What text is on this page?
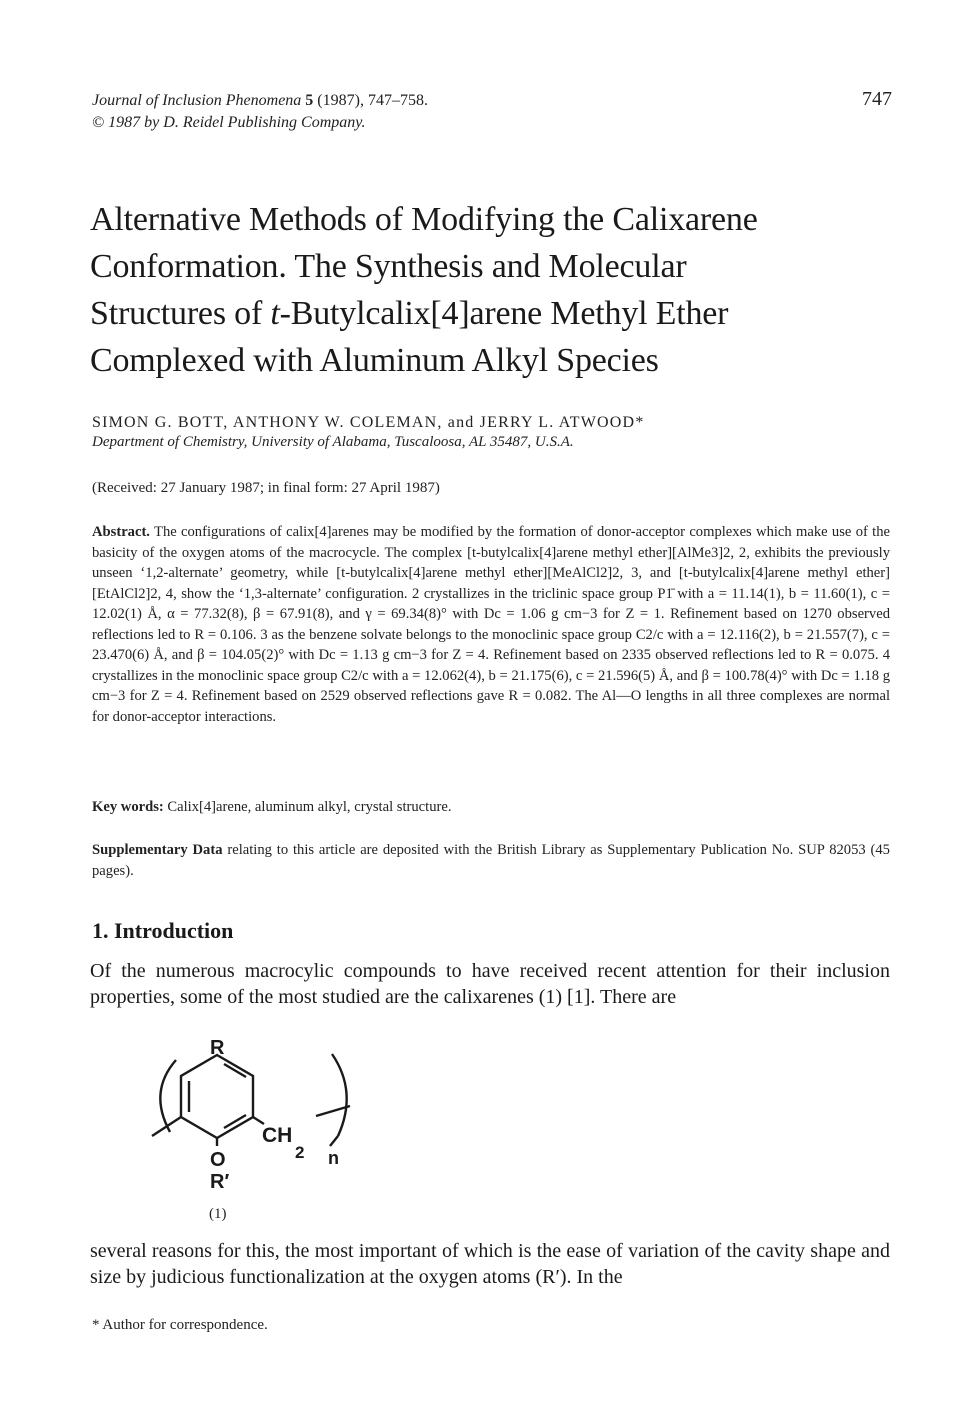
Journal of Inclusion Phenomena 5 (1987), 747–758.
© 1987 by D. Reidel Publishing Company.
747
Alternative Methods of Modifying the Calixarene
Conformation. The Synthesis and Molecular
Structures of t-Butylcalix[4]arene Methyl Ether
Complexed with Aluminum Alkyl Species
SIMON G. BOTT, ANTHONY W. COLEMAN, and JERRY L. ATWOOD*
Department of Chemistry, University of Alabama, Tuscaloosa, AL 35487, U.S.A.
(Received: 27 January 1987; in final form: 27 April 1987)
Abstract. The configurations of calix[4]arenes may be modified by the formation of donor-acceptor complexes which make use of the basicity of the oxygen atoms of the macrocycle. The complex [t-butylcalix[4]arene methyl ether][AlMe3]2, 2, exhibits the previously unseen ‘1,2-alternate’ geometry, while [t-butylcalix[4]arene methyl ether][MeAlCl2]2, 3, and [t-butylcalix[4]arene methyl ether][EtAlCl2]2, 4, show the ‘1,3-alternate’ configuration. 2 crystallizes in the triclinic space group P1̄ with a = 11.14(1), b = 11.60(1), c = 12.02(1) Å, α = 77.32(8), β = 67.91(8), and γ = 69.34(8)° with Dc = 1.06 g cm−3 for Z = 1. Refinement based on 1270 observed reflections led to R = 0.106. 3 as the benzene solvate belongs to the monoclinic space group C2/c with a = 12.116(2), b = 21.557(7), c = 23.470(6) Å, and β = 104.05(2)° with Dc = 1.13 g cm−3 for Z = 4. Refinement based on 2335 observed reflections led to R = 0.075. 4 crystallizes in the monoclinic space group C2/c with a = 12.062(4), b = 21.175(6), c = 21.596(5) Å, and β = 100.78(4)° with Dc = 1.18 g cm−3 for Z = 4. Refinement based on 2529 observed reflections gave R = 0.082. The Al—O lengths in all three complexes are normal for donor-acceptor interactions.
Key words: Calix[4]arene, aluminum alkyl, crystal structure.
Supplementary Data relating to this article are deposited with the British Library as Supplementary Publication No. SUP 82053 (45 pages).
1. Introduction
Of the numerous macrocylic compounds to have received recent attention for their inclusion properties, some of the most studied are the calixarenes (1) [1]. There are
R
CH
2 n
O
R′
(1)
several reasons for this, the most important of which is the ease of variation of the cavity shape and size by judicious functionalization at the oxygen atoms (R′). In the
* Author for correspondence.
